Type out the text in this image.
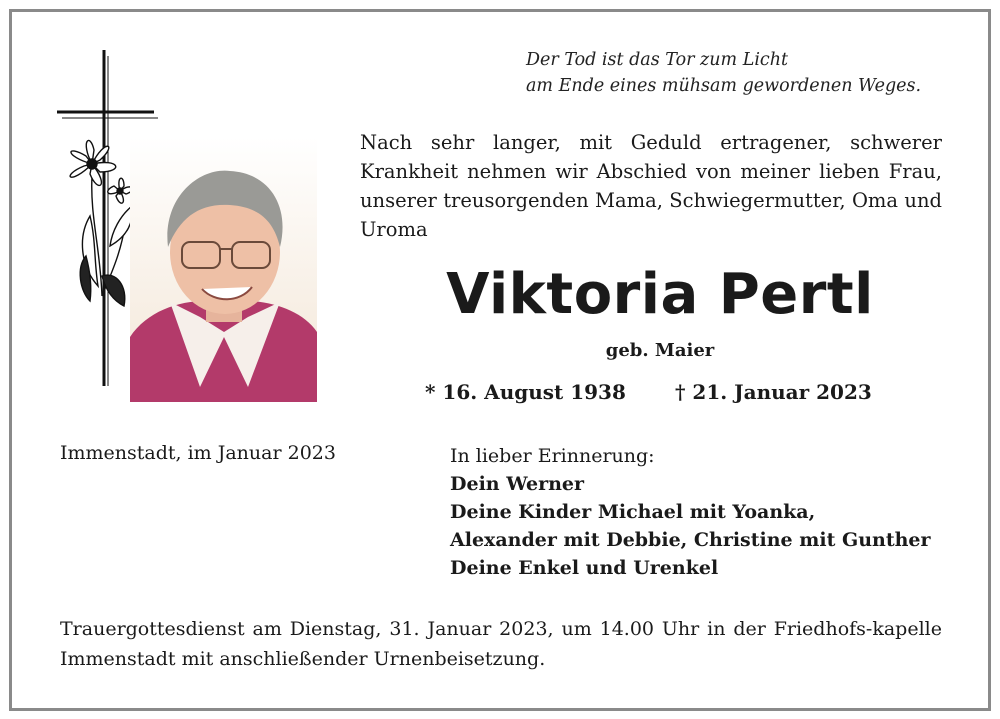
Der Tod ist das Tor zum Licht
am Ende eines mühsam gewordenen Weges.
Nach sehr langer, mit Geduld ertragener, schwerer Krankheit nehmen wir Abschied von meiner lieben Frau, unserer treusorgenden Mama, Schwiegermutter, Oma und Uroma
Viktoria Pertl
geb. Maier
* 16. August 1938 † 21. Januar 2023
Immenstadt, im Januar 2023	In lieber Erinnerung:
Dein Werner
Deine Kinder Michael mit Yoanka,
Alexander mit Debbie, Christine mit Gunther
Deine Enkel und Urenkel
Trauergottesdienst am Dienstag, 31. Januar 2023, um 14.00 Uhr in der Friedhofs-kapelle Immenstadt mit anschließender Urnenbeisetzung.
